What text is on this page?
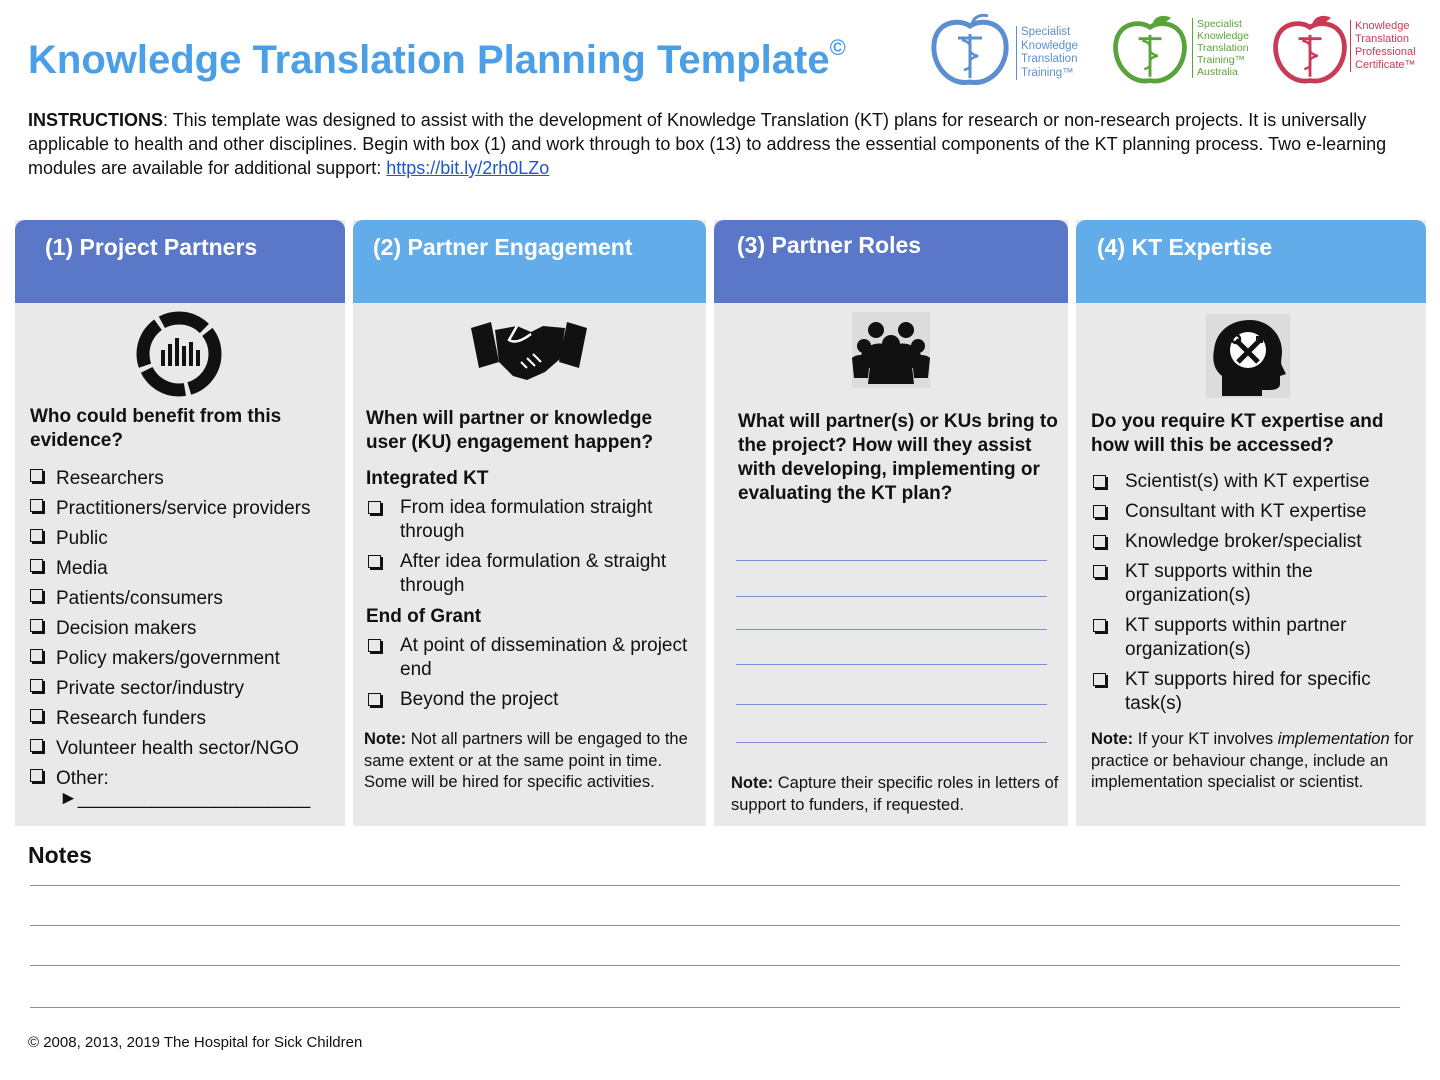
Knowledge Translation Planning Template©
Specialist
Knowledge
Translation
Training™
Specialist
Knowledge
Translation
Training™
Australia
Knowledge
Translation
Professional
Certificate™
INSTRUCTIONS: This template was designed to assist with the development of Knowledge Translation (KT) plans for research or non-research projects. It is universally applicable to health and other disciplines. Begin with box (1) and work through to box (13) to address the essential components of the KT planning process. Two e-learning modules are available for additional support: https://bit.ly/2rh0LZo
(1) Project Partners
Who could benefit from this evidence?
Researchers
Practitioners/service providers
Public
Media
Patients/consumers
Decision makers
Policy makers/government
Private sector/industry
Research funders
Volunteer health sector/NGO
Other:
►______________________
(2) Partner Engagement
When will partner or knowledge user (KU) engagement happen?
Integrated KT
From idea formulation straight through
After idea formulation & straight through
End of Grant
At point of dissemination & project end
Beyond the project
Note: Not all partners will be engaged to the same extent or at the same point in time. Some will be hired for specific activities.
(3) Partner Roles
What will partner(s) or KUs bring to the project? How will they assist with developing, implementing or evaluating the KT plan?
Note: Capture their specific roles in letters of support to funders, if requested.
(4) KT Expertise
Do you require KT expertise and how will this be accessed?
Scientist(s) with KT expertise
Consultant with KT expertise
Knowledge broker/specialist
KT supports within the organization(s)
KT supports within partner organization(s)
KT supports hired for specific task(s)
Note: If your KT involves implementation for practice or behaviour change, include an implementation specialist or scientist.
Notes
© 2008, 2013, 2019 The Hospital for Sick Children
